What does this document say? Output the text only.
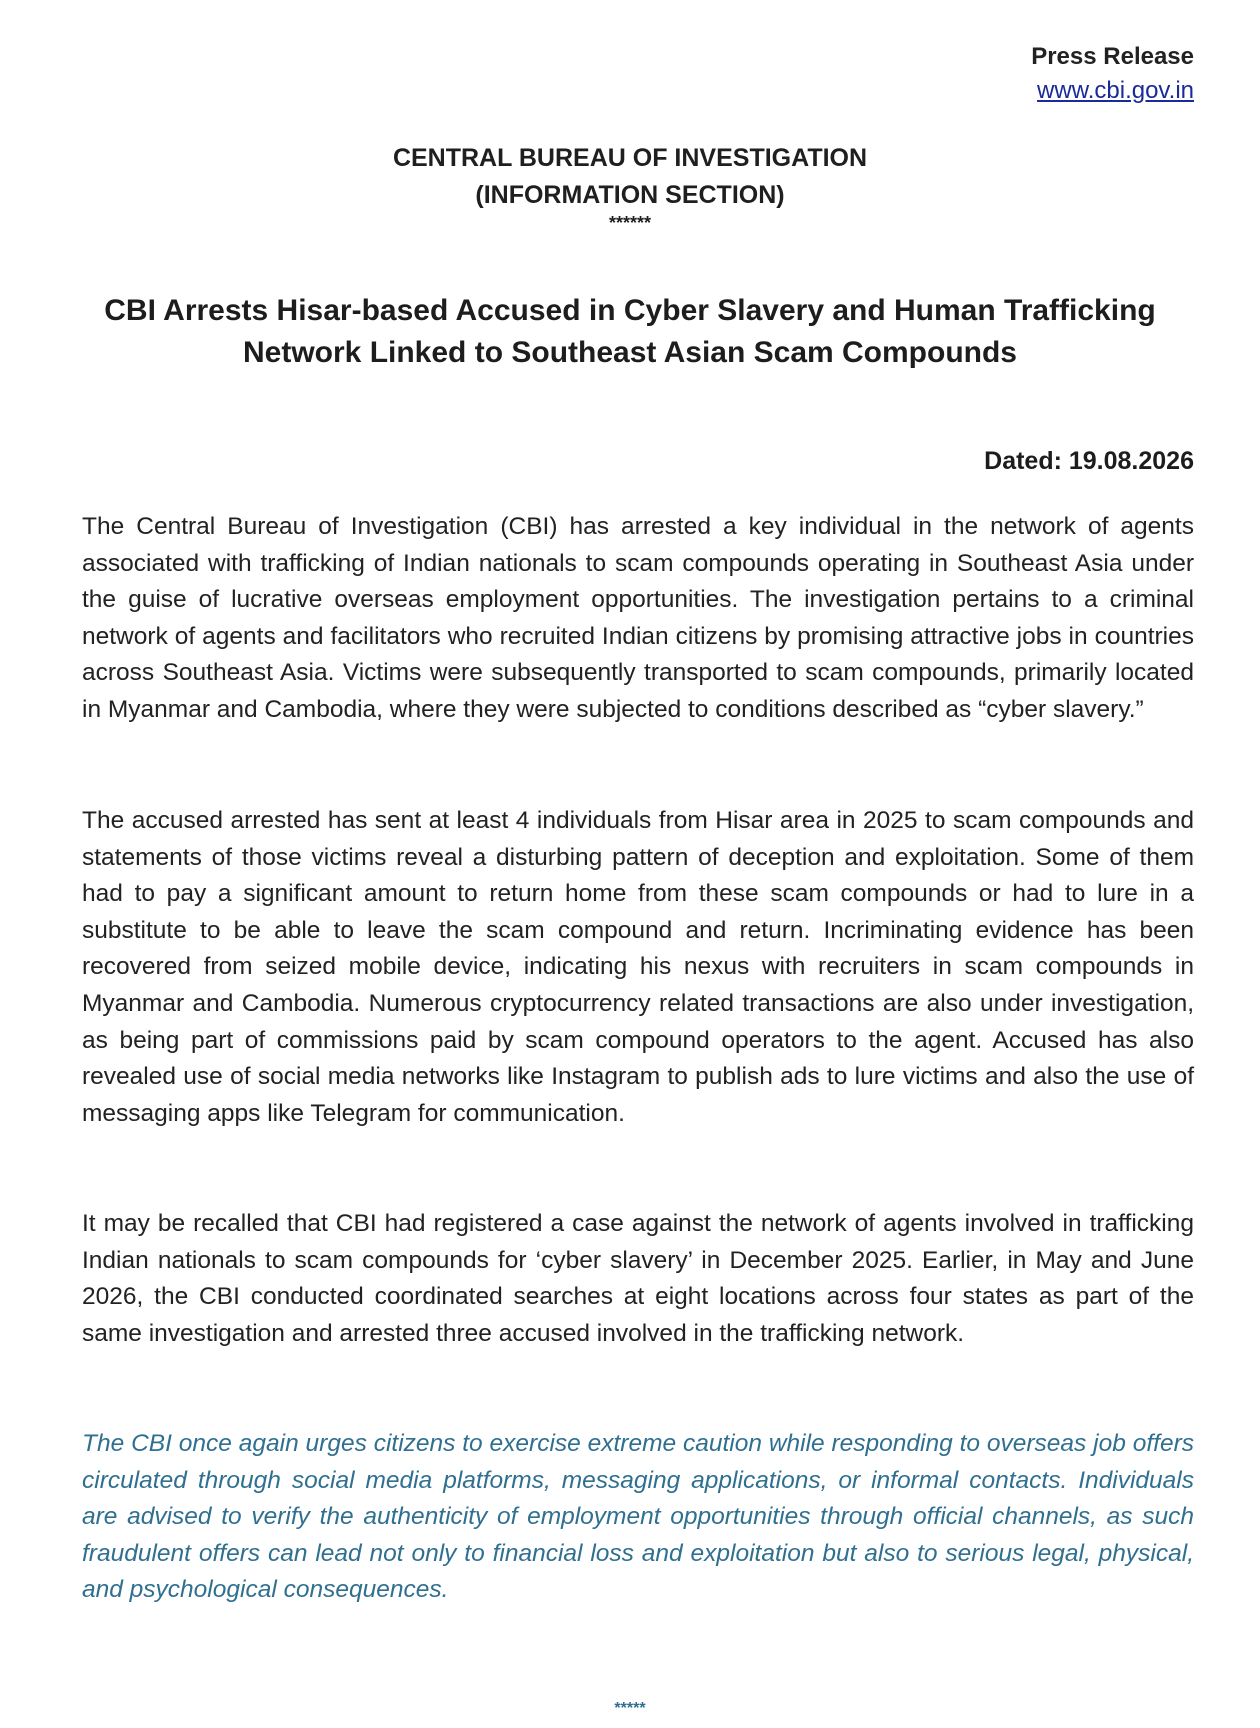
Press Release
www.cbi.gov.in
CENTRAL BUREAU OF INVESTIGATION
(INFORMATION SECTION)
******
CBI Arrests Hisar-based Accused in Cyber Slavery and Human Trafficking Network Linked to Southeast Asian Scam Compounds
Dated: 19.08.2026

The Central Bureau of Investigation (CBI) has arrested a key individual in the network of agents associated with trafficking of Indian nationals to scam compounds operating in Southeast Asia under the guise of lucrative overseas employment opportunities. The investigation pertains to a criminal network of agents and facilitators who recruited Indian citizens by promising attractive jobs in countries across Southeast Asia. Victims were subsequently transported to scam compounds, primarily located in Myanmar and Cambodia, where they were subjected to conditions described as “cyber slavery.”

The accused arrested has sent at least 4 individuals from Hisar area in 2025 to scam compounds and statements of those victims reveal a disturbing pattern of deception and exploitation. Some of them had to pay a significant amount to return home from these scam compounds or had to lure in a substitute to be able to leave the scam compound and return. Incriminating evidence has been recovered from seized mobile device, indicating his nexus with recruiters in scam compounds in Myanmar and Cambodia. Numerous cryptocurrency related transactions are also under investigation, as being part of commissions paid by scam compound operators to the agent. Accused has also revealed use of social media networks like Instagram to publish ads to lure victims and also the use of messaging apps like Telegram for communication.

It may be recalled that CBI had registered a case against the network of agents involved in trafficking Indian nationals to scam compounds for ‘cyber slavery’ in December 2025. Earlier, in May and June 2026, the CBI conducted coordinated searches at eight locations across four states as part of the same investigation and arrested three accused involved in the trafficking network.

The CBI once again urges citizens to exercise extreme caution while responding to overseas job offers circulated through social media platforms, messaging applications, or informal contacts. Individuals are advised to verify the authenticity of employment opportunities through official channels, as such fraudulent offers can lead not only to financial loss and exploitation but also to serious legal, physical, and psychological consequences.

*****
